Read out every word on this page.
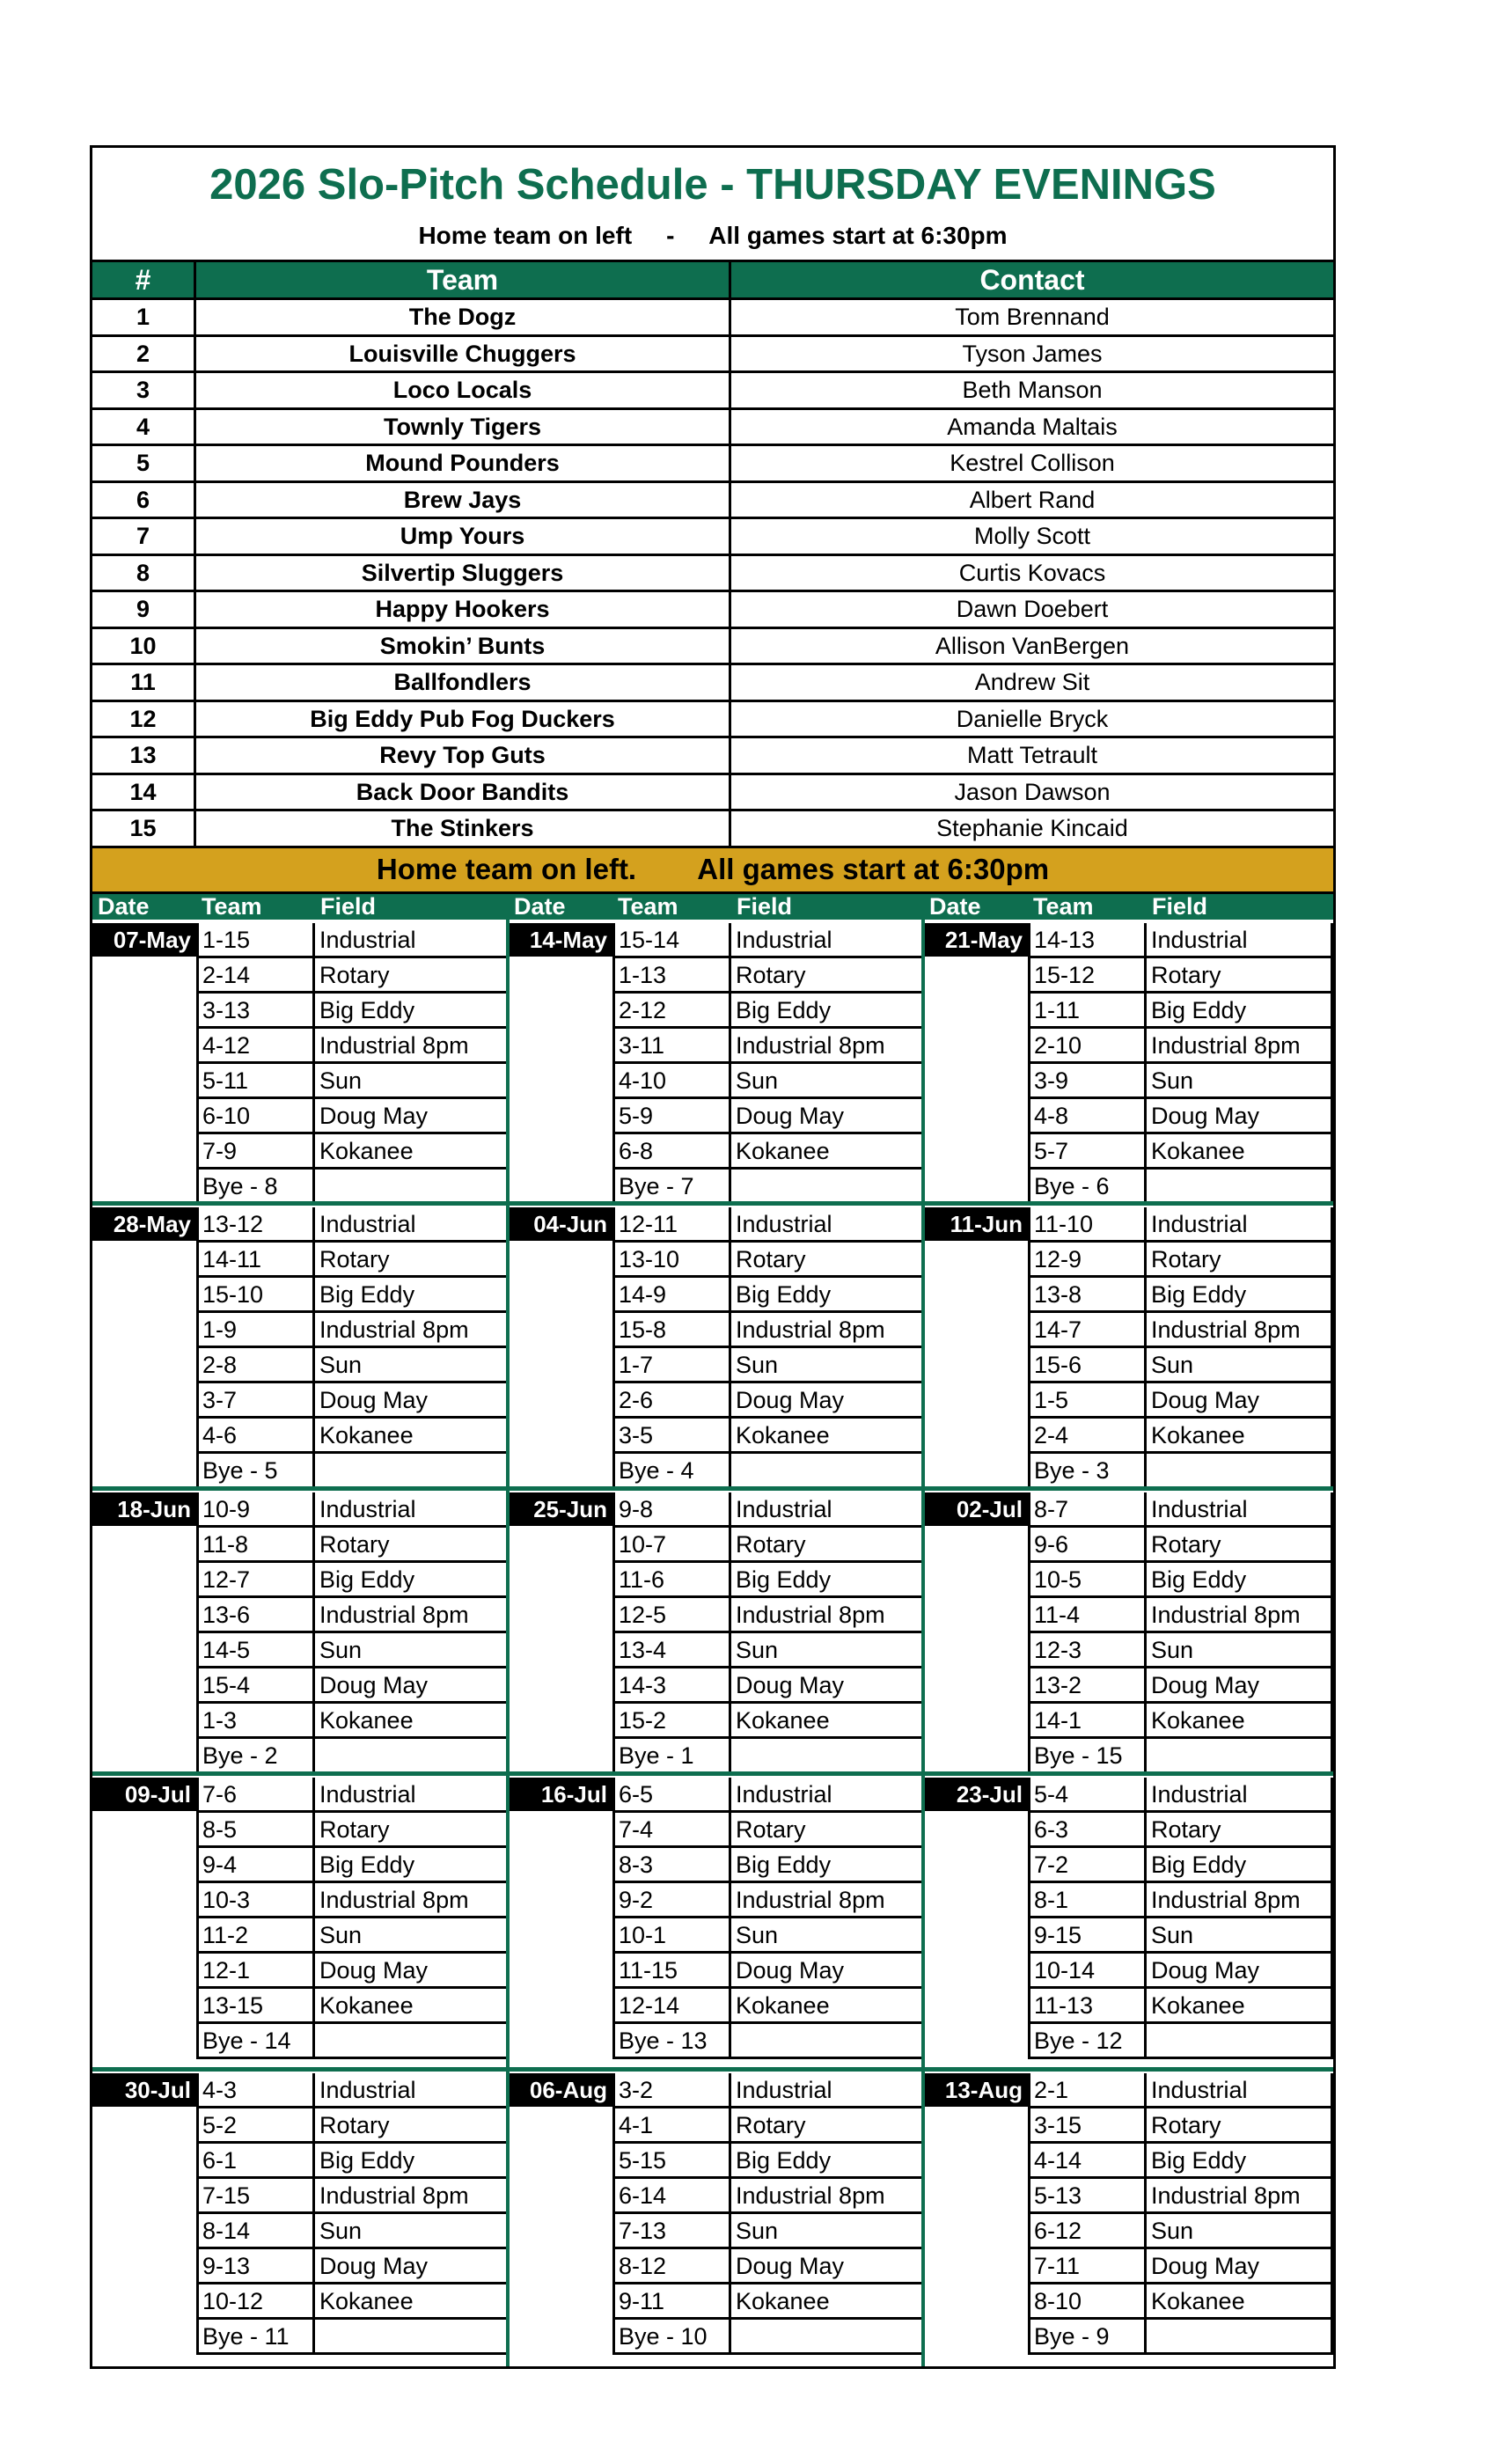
2026 Slo-Pitch Schedule - THURSDAY EVENINGS
Home team on left - All games start at 6:30pm
#	Team	Contact
1	The Dogz	Tom Brennand
2	Louisville Chuggers	Tyson James
3	Loco Locals	Beth Manson
4	Townly Tigers	Amanda Maltais
5	Mound Pounders	Kestrel Collison
6	Brew Jays	Albert Rand
7	Ump Yours	Molly Scott
8	Silvertip Sluggers	Curtis Kovacs
9	Happy Hookers	Dawn Doebert
10	Smokin’ Bunts	Allison VanBergen
11	Ballfondlers	Andrew Sit
12	Big Eddy Pub Fog Duckers	Danielle Bryck
13	Revy Top Guts	Matt Tetrault
14	Back Door Bandits	Jason Dawson
15	The Stinkers	Stephanie Kincaid
Home team on left. All games start at 6:30pm
Date Team Field	Date Team Field	Date Team Field
07-May 1-15	Industrial
2-14	Rotary
3-13	Big Eddy
4-12	Industrial 8pm
5-11	Sun
6-10	Doug May
7-9	Kokanee
Bye - 8
14-May 15-14	Industrial
1-13	Rotary
2-12	Big Eddy
3-11	Industrial 8pm
4-10	Sun
5-9	Doug May
6-8	Kokanee
Bye - 7
21-May 14-13	Industrial
15-12	Rotary
1-11	Big Eddy
2-10	Industrial 8pm
3-9	Sun
4-8	Doug May
5-7	Kokanee
Bye - 6
28-May 13-12	Industrial
14-11	Rotary
15-10	Big Eddy
1-9	Industrial 8pm
2-8	Sun
3-7	Doug May
4-6	Kokanee
Bye - 5
04-Jun 12-11	Industrial
13-10	Rotary
14-9	Big Eddy
15-8	Industrial 8pm
1-7	Sun
2-6	Doug May
3-5	Kokanee
Bye - 4
11-Jun 11-10	Industrial
12-9	Rotary
13-8	Big Eddy
14-7	Industrial 8pm
15-6	Sun
1-5	Doug May
2-4	Kokanee
Bye - 3
18-Jun 10-9	Industrial
11-8	Rotary
12-7	Big Eddy
13-6	Industrial 8pm
14-5	Sun
15-4	Doug May
1-3	Kokanee
Bye - 2
25-Jun 9-8	Industrial
10-7	Rotary
11-6	Big Eddy
12-5	Industrial 8pm
13-4	Sun
14-3	Doug May
15-2	Kokanee
Bye - 1
02-Jul 8-7	Industrial
9-6	Rotary
10-5	Big Eddy
11-4	Industrial 8pm
12-3	Sun
13-2	Doug May
14-1	Kokanee
Bye - 15
09-Jul 7-6	Industrial
8-5	Rotary
9-4	Big Eddy
10-3	Industrial 8pm
11-2	Sun
12-1	Doug May
13-15	Kokanee
Bye - 14
16-Jul 6-5	Industrial
7-4	Rotary
8-3	Big Eddy
9-2	Industrial 8pm
10-1	Sun
11-15	Doug May
12-14	Kokanee
Bye - 13
23-Jul 5-4	Industrial
6-3	Rotary
7-2	Big Eddy
8-1	Industrial 8pm
9-15	Sun
10-14	Doug May
11-13	Kokanee
Bye - 12
30-Jul 4-3	Industrial
5-2	Rotary
6-1	Big Eddy
7-15	Industrial 8pm
8-14	Sun
9-13	Doug May
10-12	Kokanee
Bye - 11
06-Aug 3-2	Industrial
4-1	Rotary
5-15	Big Eddy
6-14	Industrial 8pm
7-13	Sun
8-12	Doug May
9-11	Kokanee
Bye - 10
13-Aug 2-1	Industrial
3-15	Rotary
4-14	Big Eddy
5-13	Industrial 8pm
6-12	Sun
7-11	Doug May
8-10	Kokanee
Bye - 9
